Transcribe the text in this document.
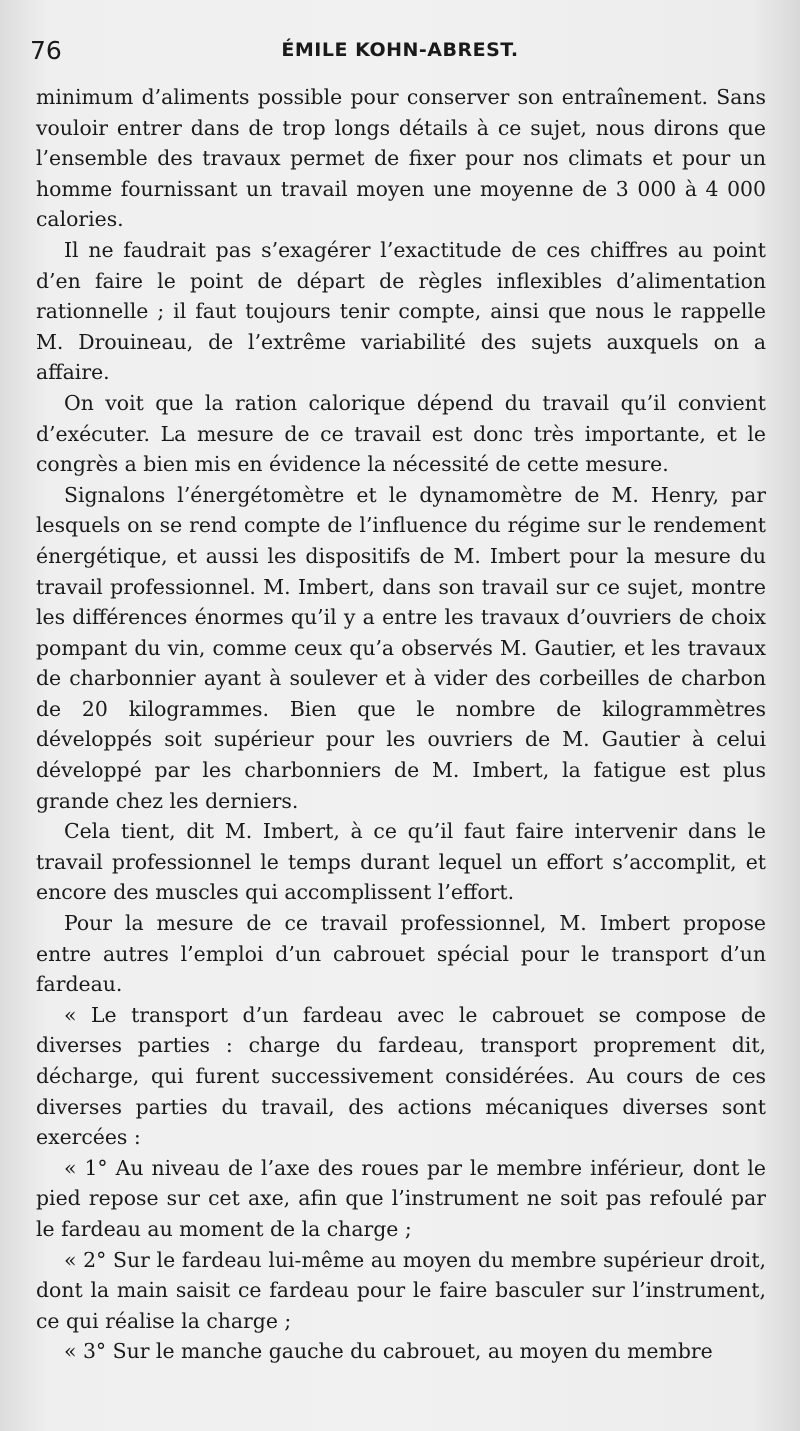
76	ÉMILE KOHN-ABREST.

minimum d’aliments possible pour conserver son entraînement. Sans vouloir entrer dans de trop longs détails à ce sujet, nous dirons que l’ensemble des travaux permet de fixer pour nos climats et pour un homme fournissant un travail moyen une moyenne de 3 000 à 4 000 calories.

Il ne faudrait pas s’exagérer l’exactitude de ces chiffres au point d’en faire le point de départ de règles inflexibles d’alimentation rationnelle ; il faut toujours tenir compte, ainsi que nous le rappelle M. Drouineau, de l’extrême variabilité des sujets auxquels on a affaire.

On voit que la ration calorique dépend du travail qu’il convient d’exécuter. La mesure de ce travail est donc très importante, et le congrès a bien mis en évidence la nécessité de cette mesure.

Signalons l’énergétomètre et le dynamomètre de M. Henry, par lesquels on se rend compte de l’influence du régime sur le rendement énergétique, et aussi les dispositifs de M. Imbert pour la mesure du travail professionnel. M. Imbert, dans son travail sur ce sujet, montre les différences énormes qu’il y a entre les travaux d’ouvriers de choix pompant du vin, comme ceux qu’a observés M. Gautier, et les travaux de charbonnier ayant à soulever et à vider des corbeilles de charbon de 20 kilogrammes. Bien que le nombre de kilogrammètres développés soit supérieur pour les ouvriers de M. Gautier à celui développé par les charbonniers de M. Imbert, la fatigue est plus grande chez les derniers.

Cela tient, dit M. Imbert, à ce qu’il faut faire intervenir dans le travail professionnel le temps durant lequel un effort s’accomplit, et encore des muscles qui accomplissent l’effort.

Pour la mesure de ce travail professionnel, M. Imbert propose entre autres l’emploi d’un cabrouet spécial pour le transport d’un fardeau.

« Le transport d’un fardeau avec le cabrouet se compose de diverses parties : charge du fardeau, transport proprement dit, décharge, qui furent successivement considérées. Au cours de ces diverses parties du travail, des actions mécaniques diverses sont exercées :

« 1° Au niveau de l’axe des roues par le membre inférieur, dont le pied repose sur cet axe, afin que l’instrument ne soit pas refoulé par le fardeau au moment de la charge ;

« 2° Sur le fardeau lui-même au moyen du membre supérieur droit, dont la main saisit ce fardeau pour le faire basculer sur l’instrument, ce qui réalise la charge ;

« 3° Sur le manche gauche du cabrouet, au moyen du membre
